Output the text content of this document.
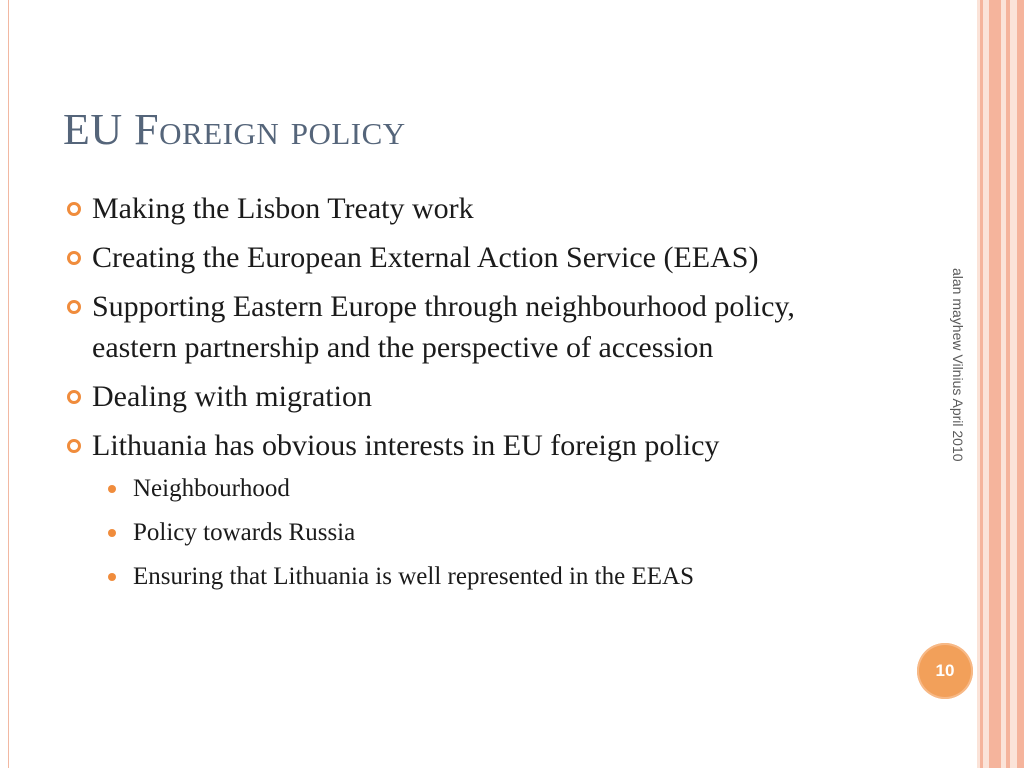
EU Foreign policy
Making the Lisbon Treaty work
Creating the European External Action Service (EEAS)
Supporting Eastern Europe through neighbourhood policy, eastern partnership and the perspective of accession
Dealing with migration
Lithuania has obvious interests in EU foreign policy
Neighbourhood
Policy towards Russia
Ensuring that Lithuania is well represented in the EEAS
alan mayhew Vilnius April 2010
10
